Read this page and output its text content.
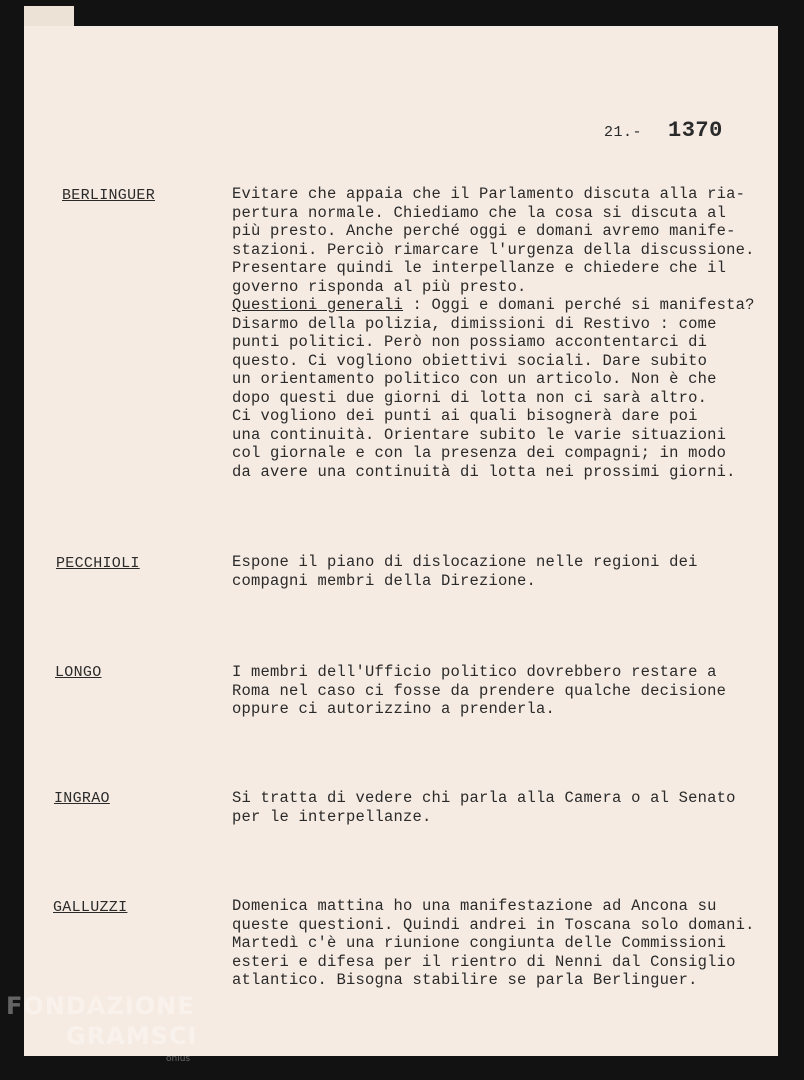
21.- 1370
BERLINGUER	Evitare che appaia che il Parlamento discuta alla ria-
pertura normale. Chiediamo che la cosa si discuta al
più presto. Anche perché oggi e domani avremo manife-
stazioni. Perciò rimarcare l'urgenza della discussione.
Presentare quindi le interpellanze e chiedere che il
governo risponda al più presto.
Questioni generali : Oggi e domani perché si manifesta?
Disarmo della polizia, dimissioni di Restivo : come
punti politici. Però non possiamo accontentarci di
questo. Ci vogliono obiettivi sociali. Dare subito
un orientamento politico con un articolo. Non è che
dopo questi due giorni di lotta non ci sarà altro.
Ci vogliono dei punti ai quali bisognerà dare poi
una continuità. Orientare subito le varie situazioni
col giornale e con la presenza dei compagni; in modo
da avere una continuità di lotta nei prossimi giorni.
PECCHIOLI	Espone il piano di dislocazione nelle regioni dei
compagni membri della Direzione.
LONGO	I membri dell'Ufficio politico dovrebbero restare a
Roma nel caso ci fosse da prendere qualche decisione
oppure ci autorizzino a prenderla.
INGRAO	Si tratta di vedere chi parla alla Camera o al Senato
per le interpellanze.
GALLUZZI	Domenica mattina ho una manifestazione ad Ancona su
queste questioni. Quindi andrei in Toscana solo domani.
Martedì c'è una riunione congiunta delle Commissioni
esteri e difesa per il rientro di Nenni dal Consiglio
atlantico. Bisogna stabilire se parla Berlinguer.
FONDAZIONE
GRAMSCI
onlus
